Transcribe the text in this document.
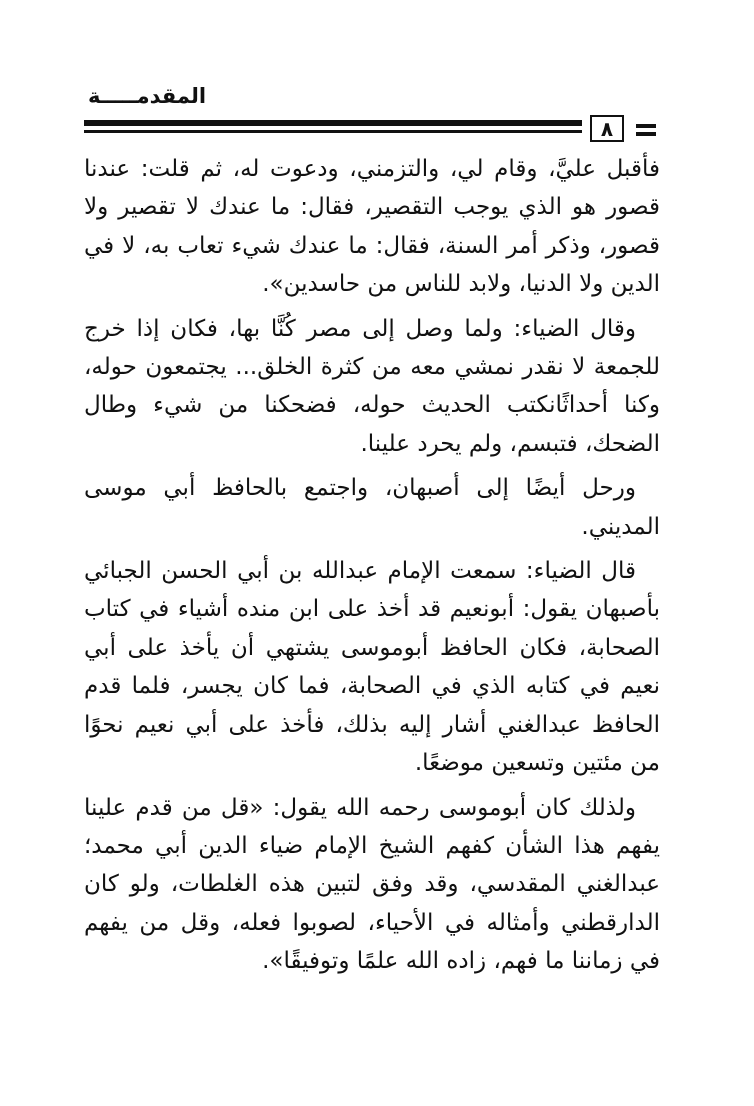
المقدمـــــة
٨

فأقبل عليَّ، وقام لي، والتزمني، ودعوت له، ثم قلت: عندنا قصور هو الذي يوجب التقصير، فقال: ما عندك لا تقصير ولا قصور، وذكر أمر السنة، فقال: ما عندك شيء تعاب به، لا في الدين ولا الدنيا، ولابد للناس من حاسدين».

وقال الضياء: ولما وصل إلى مصر كُنَّا بها، فكان إذا خرج للجمعة لا نقدر نمشي معه من كثرة الخلق... يجتمعون حوله، وكنا أحداثًانكتب الحديث حوله، فضحكنا من شيء وطال الضحك، فتبسم، ولم يحرد علينا.

ورحل أيضًا إلى أصبهان، واجتمع بالحافظ أبي موسى المديني.

قال الضياء: سمعت الإمام عبدالله بن أبي الحسن الجبائي بأصبهان يقول: أبونعيم قد أخذ على ابن منده أشياء في كتاب الصحابة، فكان الحافظ أبوموسى يشتهي أن يأخذ على أبي نعيم في كتابه الذي في الصحابة، فما كان يجسر، فلما قدم الحافظ عبدالغني أشار إليه بذلك، فأخذ على أبي نعيم نحوًا من مئتين وتسعين موضعًا.

ولذلك كان أبوموسى رحمه الله يقول: «قل من قدم علينا يفهم هذا الشأن كفهم الشيخ الإمام ضياء الدين أبي محمد؛ عبدالغني المقدسي، وقد وفق لتبين هذه الغلطات، ولو كان الدارقطني وأمثاله في الأحياء، لصوبوا فعله، وقل من يفهم في زماننا ما فهم، زاده الله علمًا وتوفيقًا».
